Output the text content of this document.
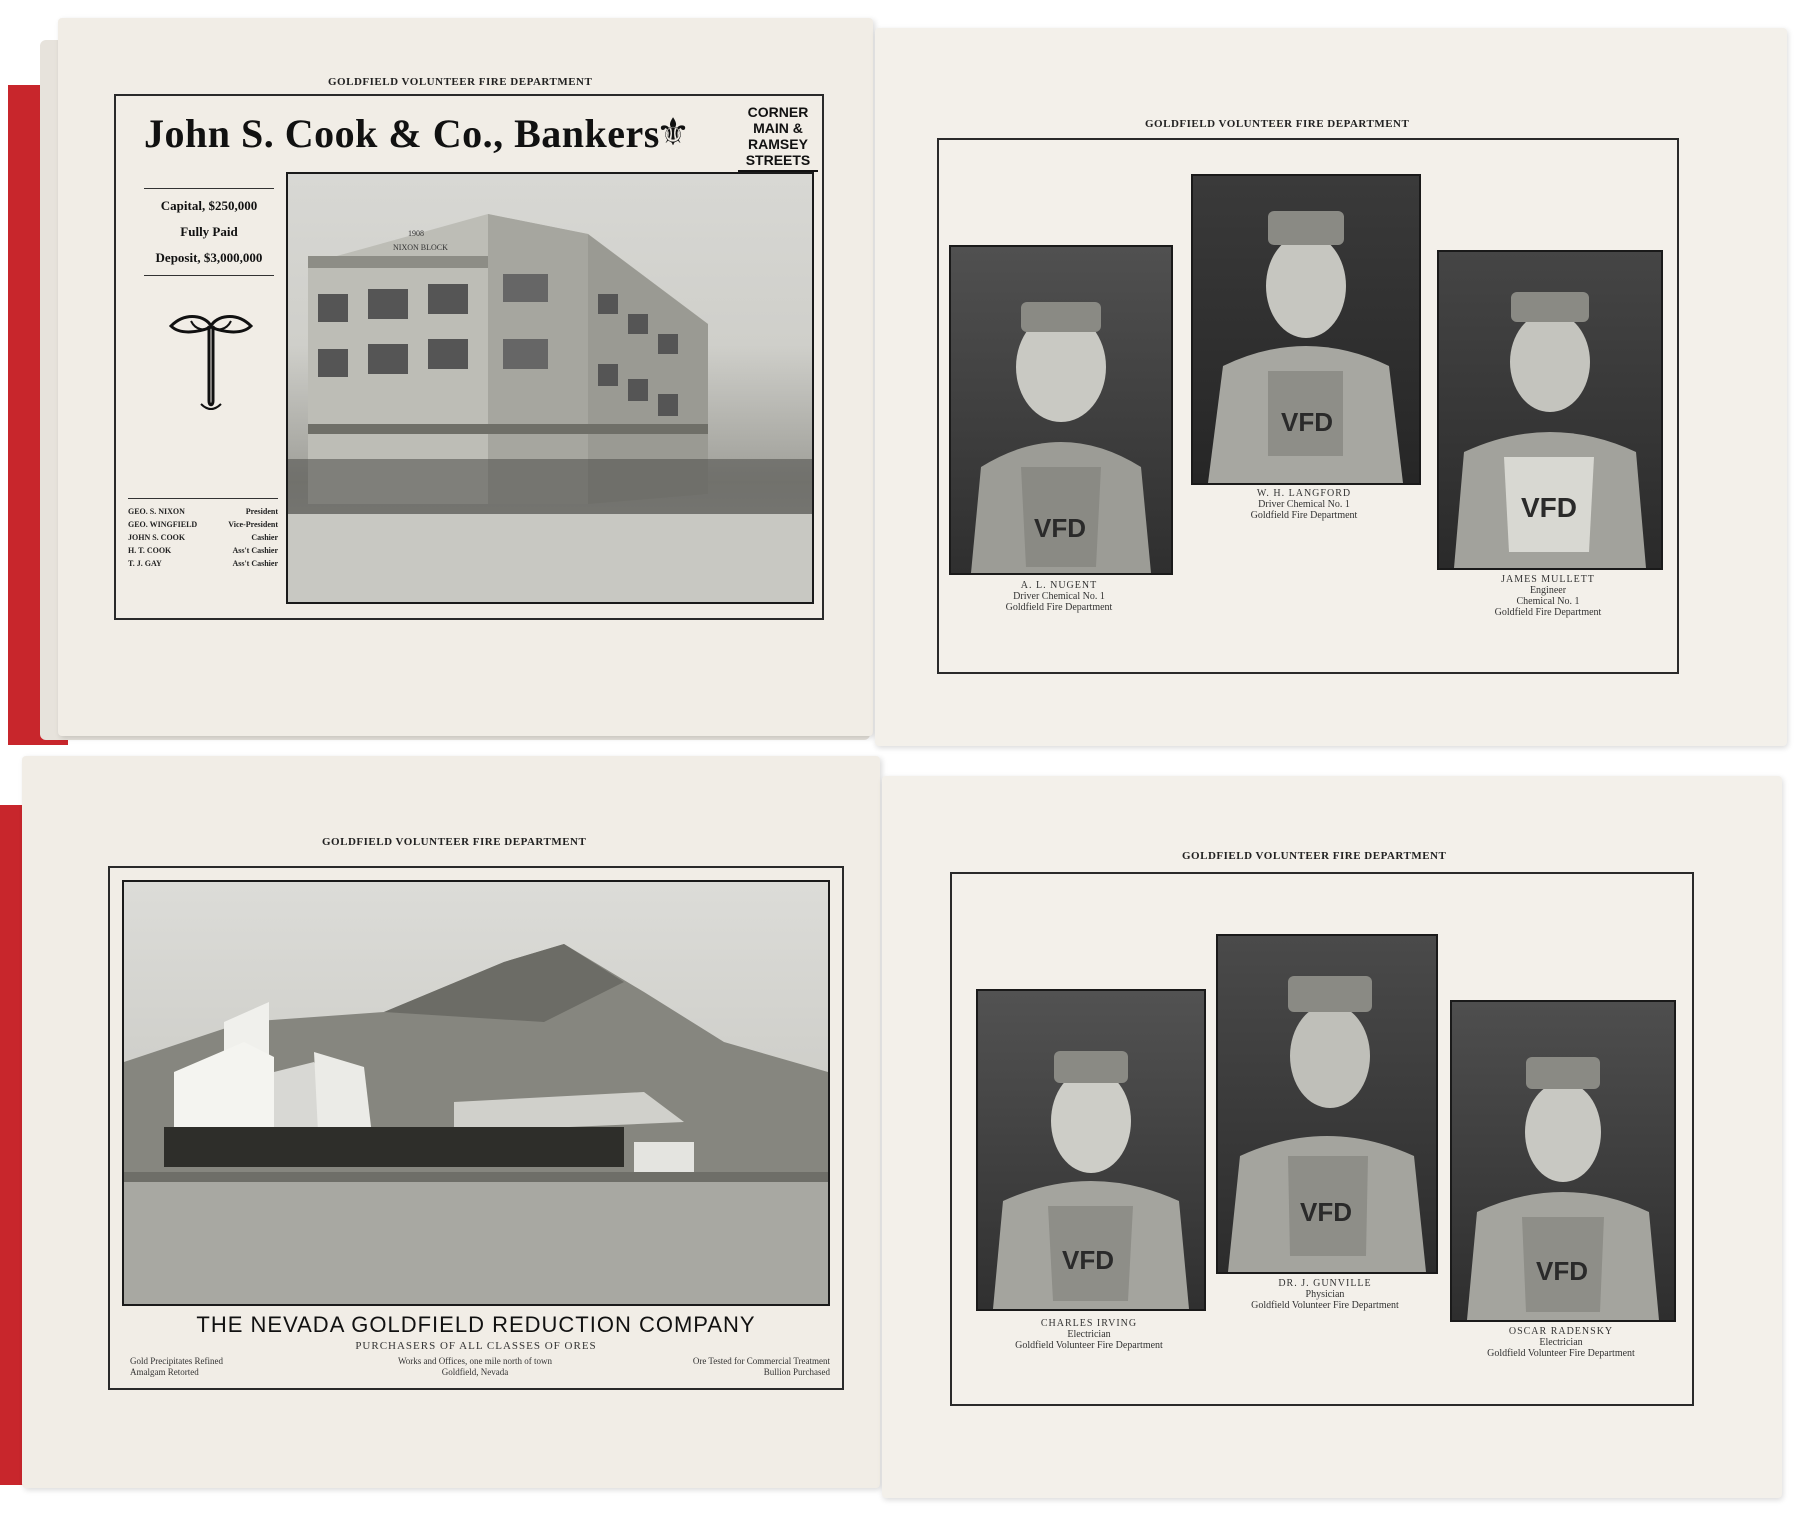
GOLDFIELD VOLUNTEER FIRE DEPARTMENT
John S. Cook & Co., Bankers
⚜	CORNER MAIN &
RAMSEY STREETS
Capital, $250,000
Fully Paid
Deposit, $3,000,000
GEO. S. NIXON	President
GEO. WINGFIELD	Vice-President
JOHN S. COOK	Cashier
H. T. COOK	Ass't Cashier
T. J. GAY	Ass't Cashier
1908
NIXON BLOCK
GOLDFIELD VOLUNTEER FIRE DEPARTMENT
VFD
A. L. NUGENT
Driver Chemical No. 1
Goldfield Fire Department
VFD
W. H. LANGFORD
Driver Chemical No. 1
Goldfield Fire Department	VFD
JAMES MULLETT
Engineer
Chemical No. 1
Goldfield Fire Department
GOLDFIELD VOLUNTEER FIRE DEPARTMENT
THE NEVADA GOLDFIELD REDUCTION COMPANY
PURCHASERS OF ALL CLASSES OF ORES
Gold Precipitates Refined
Amalgam Retorted
Works and Offices, one mile north of town
Goldfield, Nevada
Ore Tested for Commercial Treatment
Bullion Purchased
GOLDFIELD VOLUNTEER FIRE DEPARTMENT
VFD
CHARLES IRVING
Electrician
Goldfield Volunteer Fire Department
VFD
DR. J. GUNVILLE
Physician
Goldfield Volunteer Fire Department
VFD
OSCAR RADENSKY
Electrician
Goldfield Volunteer Fire Department
